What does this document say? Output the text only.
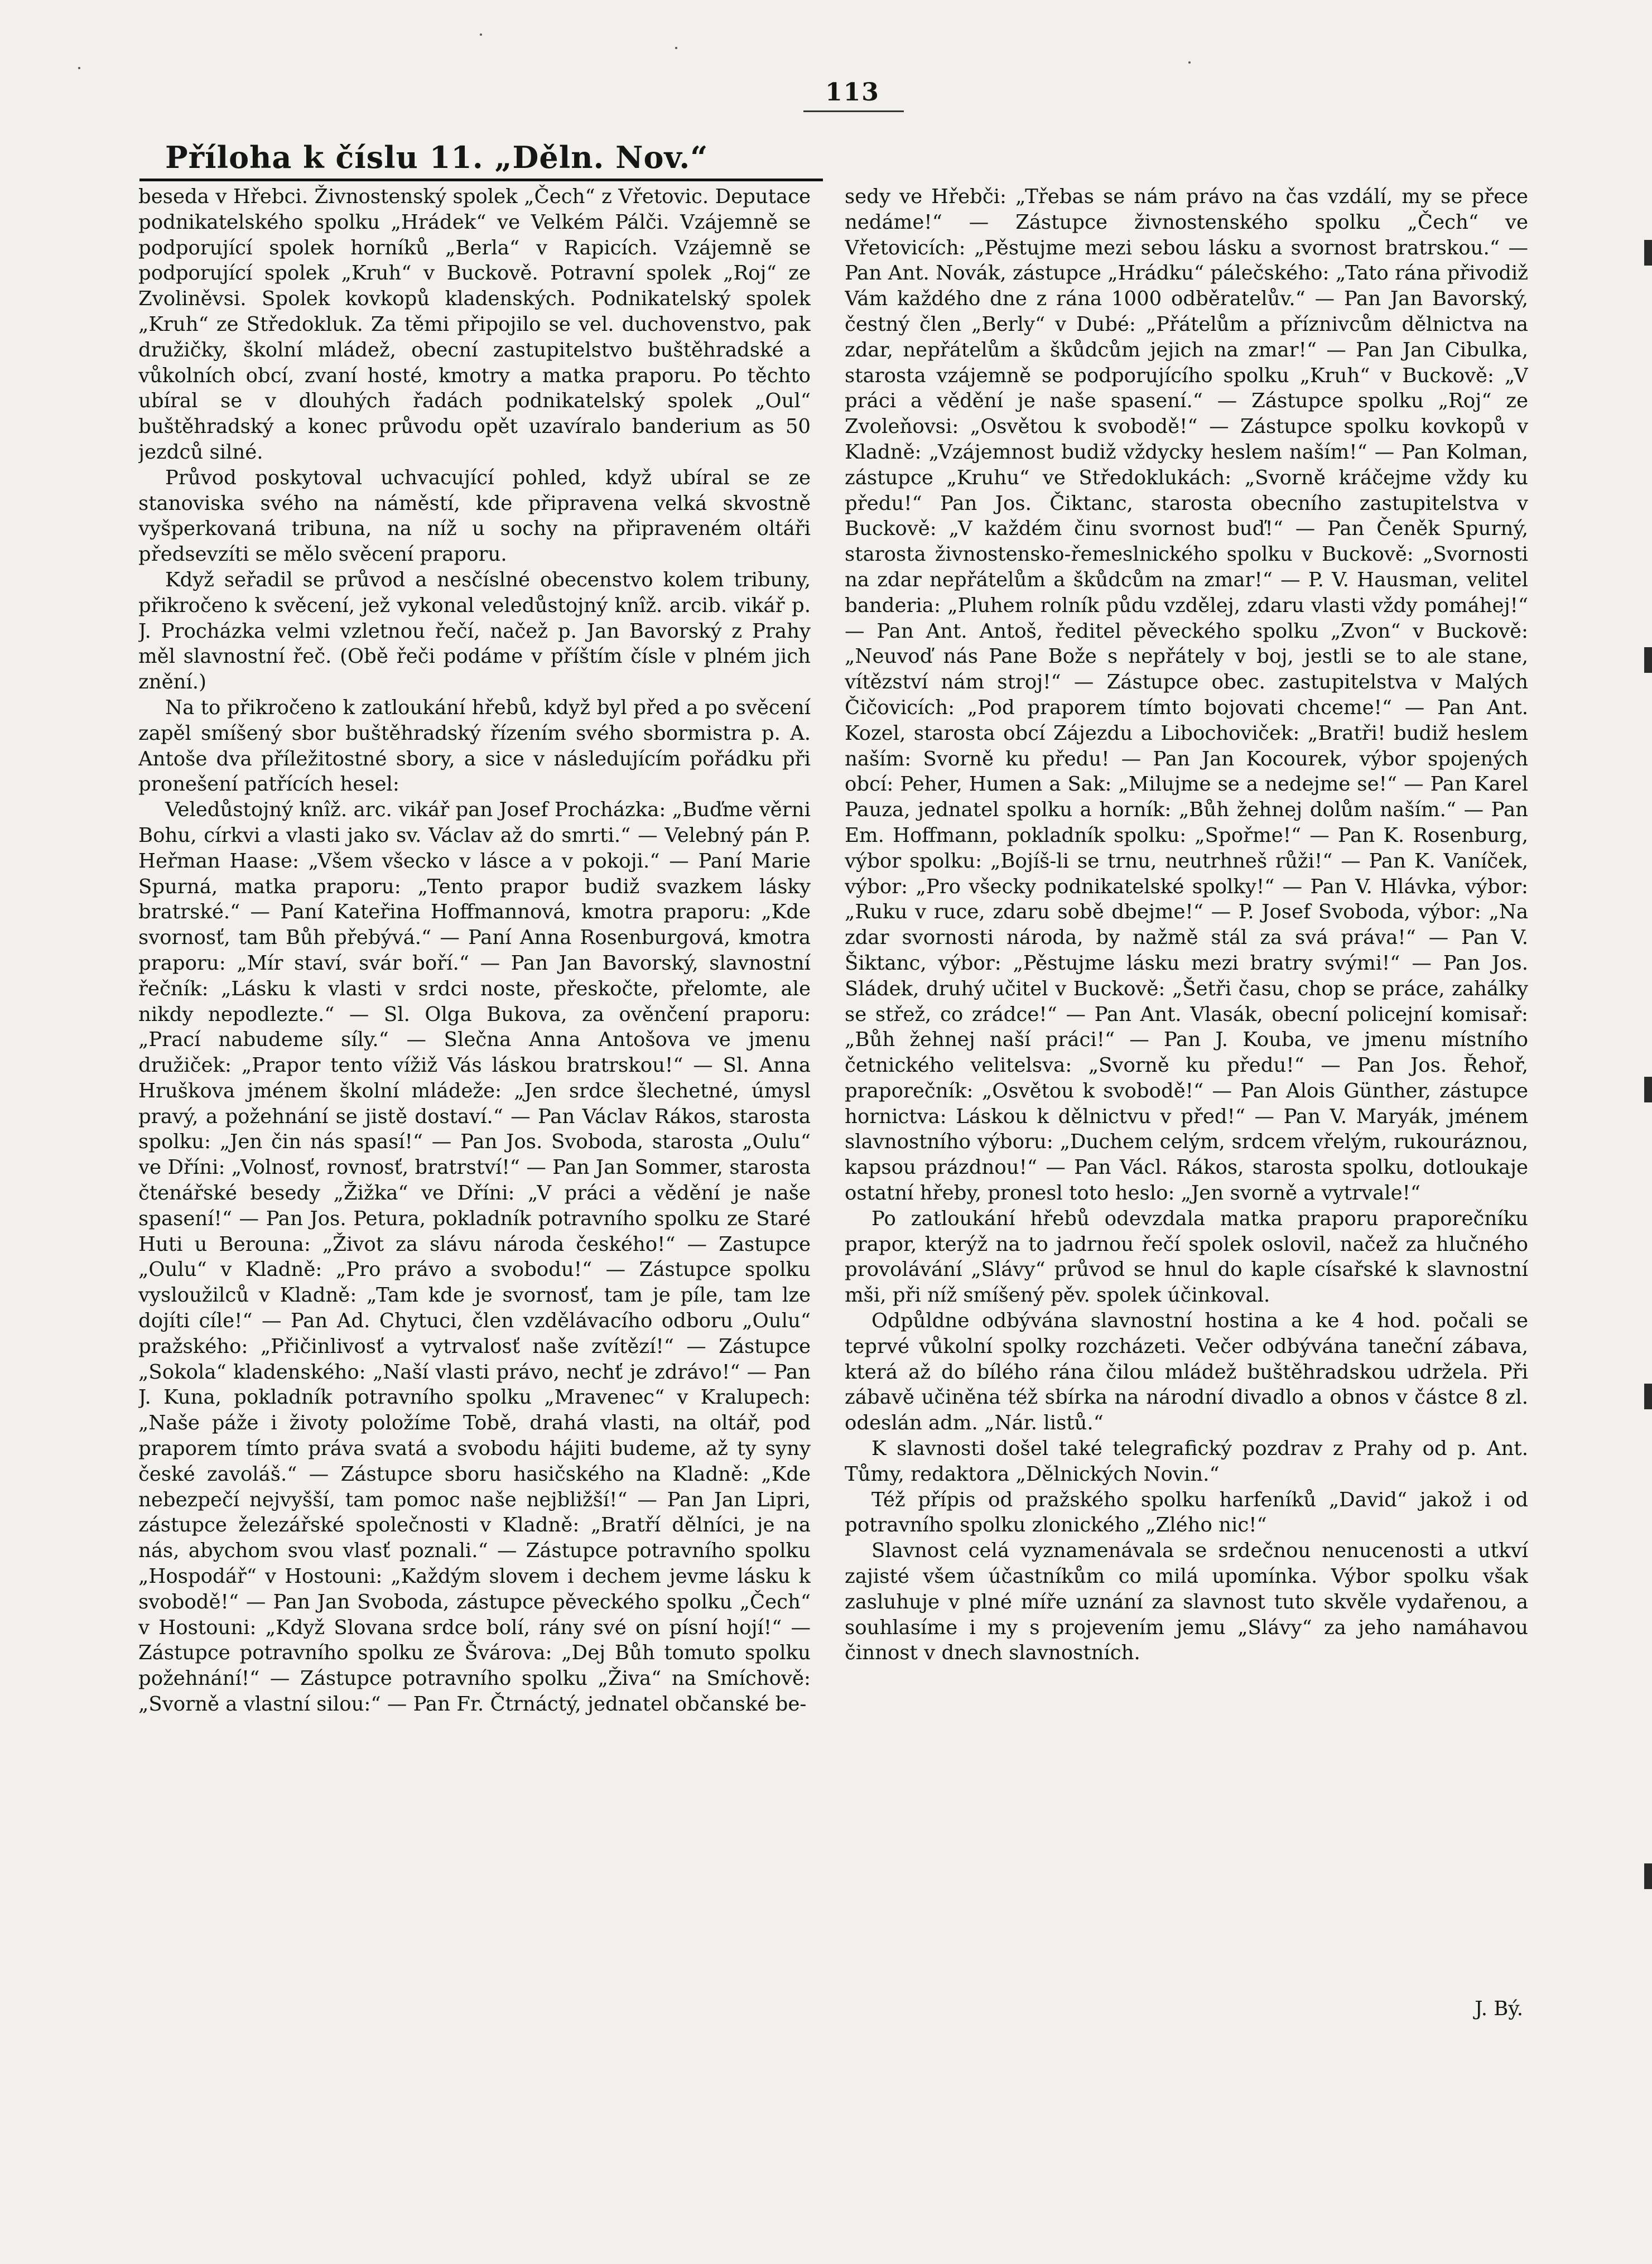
113
Příloha k číslu 11. „Děln. Nov.“

beseda v Hřebci. Živnostenský spolek „Čech“ z Vřetovic. Deputace podnikatelského spolku „Hrádek“ ve Velkém Pálči. Vzájemně se podporující spolek horníků „Berla“ v Rapicích. Vzájemně se podporující spolek „Kruh“ v Buckově. Potravní spolek „Roj“ ze Zvoliněvsi. Spolek kovkopů kladenských. Podnikatelský spolek „Kruh“ ze Středokluk. Za těmi připojilo se vel. duchovenstvo, pak družičky, školní mládež, obecní zastupitelstvo buštěhradské a vůkolních obcí, zvaní hosté, kmotry a matka praporu. Po těchto ubíral se v dlouhých řadách podnikatelský spolek „Oul“ buštěhradský a konec průvodu opět uzavíralo banderium as 50 jezdců silné.

Průvod poskytoval uchvacující pohled, když ubíral se ze stanoviska svého na náměstí, kde připravena velká skvostně vyšperkovaná tribuna, na níž u sochy na připraveném oltáři předsevzíti se mělo svěcení praporu.

Když seřadil se průvod a nesčíslné obecenstvo kolem tribuny, přikročeno k svěcení, jež vykonal veledůstojný knîž. arcib. vikář p. J. Procházka velmi vzletnou řečí, načež p. Jan Bavorský z Prahy měl slavnostní řeč. (Obě řeči podáme v příštím čísle v plném jich znění.)

Na to přikročeno k zatloukání hřebů, když byl před a po svěcení zapěl smíšený sbor buštěhradský řízením svého sbormistra p. A. Antoše dva příležitostné sbory, a sice v následujícím pořádku při pronešení patřících hesel:

Veledůstojný knîž. arc. vikář pan Josef Procházka: „Buďme věrni Bohu, církvi a vlasti jako sv. Václav až do smrti.“ — Velebný pán P. Heřman Haase: „Všem všecko v lásce a v pokoji.“ — Paní Marie Spurná, matka praporu: „Tento prapor budiž svazkem lásky bratrské.“ — Paní Kateřina Hoffmannová, kmotra praporu: „Kde svornosť, tam Bůh přebývá.“ — Paní Anna Rosenburgová, kmotra praporu: „Mír staví, svár boří.“ — Pan Jan Bavorský, slavnostní řečník: „Lásku k vlasti v srdci noste, přeskočte, přelomte, ale nikdy nepodlezte.“ — Sl. Olga Bukova, za ověnčení praporu: „Prací nabudeme síly.“ — Slečna Anna Antošova ve jmenu družiček: „Prapor tento vížiž Vás láskou bratrskou!“ — Sl. Anna Hruškova jménem školní mládeže: „Jen srdce šlechetné, úmysl pravý, a požehnání se jistě dostaví.“ — Pan Václav Rákos, starosta spolku: „Jen čin nás spasí!“ — Pan Jos. Svoboda, starosta „Oulu“ ve Dříni: „Volnosť, rovnosť, bratrství!“ — Pan Jan Sommer, starosta čtenářské besedy „Žižka“ ve Dříni: „V práci a vědění je naše spasení!“ — Pan Jos. Petura, pokladník potravního spolku ze Staré Huti u Berouna: „Život za slávu národa českého!“ — Zastupce „Oulu“ v Kladně: „Pro právo a svobodu!“ — Zástupce spolku vysloužilců v Kladně: „Tam kde je svornosť, tam je píle, tam lze dojíti cíle!“ — Pan Ad. Chytuci, člen vzdělávacího odboru „Oulu“ pražského: „Přičinlivosť a vytrvalosť naše zvítězí!“ — Zástupce „Sokola“ kladenského: „Naší vlasti právo, nechť je zdrávo!“ — Pan J. Kuna, pokladník potravního spolku „Mravenec“ v Kralupech: „Naše páže i životy položíme Tobě, drahá vlasti, na oltář, pod praporem tímto práva svatá a svobodu hájiti budeme, až ty syny české zavoláš.“ — Zástupce sboru hasičského na Kladně: „Kde nebezpečí nejvyšší, tam pomoc naše nejbližší!“ — Pan Jan Lipri, zástupce železářské společnosti v Kladně: „Bratří dělníci, je na nás, abychom svou vlasť poznali.“ — Zástupce potravního spolku „Hospodář“ v Hostouni: „Každým slovem i dechem jevme lásku k svobodě!“ — Pan Jan Svoboda, zástupce pěveckého spolku „Čech“ v Hostouni: „Když Slovana srdce bolí, rány své on písní hojí!“ — Zástupce potravního spolku ze Švárova: „Dej Bůh tomuto spolku požehnání!“ — Zástupce potravního spolku „Živa“ na Smíchově: „Svorně a vlastní silou:“ — Pan Fr. Čtrnáctý, jednatel občanské be-

sedy ve Hřebči: „Třebas se nám právo na čas vzdálí, my se přece nedáme!“ — Zástupce živnostenského spolku „Čech“ ve Vřetovicích: „Pěstujme mezi sebou lásku a svornost bratrskou.“ — Pan Ant. Novák, zástupce „Hrádku“ pálečského: „Tato rána přivodiž Vám každého dne z rána 1000 odběratelův.“ — Pan Jan Bavorský, čestný člen „Berly“ v Dubé: „Přátelům a příznivcům dělnictva na zdar, nepřátelům a škůdcům jejich na zmar!“ — Pan Jan Cibulka, starosta vzájemně se podporujícího spolku „Kruh“ v Buckově: „V práci a vědění je naše spasení.“ — Zástupce spolku „Roj“ ze Zvoleňovsi: „Osvětou k svobodě!“ — Zástupce spolku kovkopů v Kladně: „Vzájemnost budiž vždycky heslem naším!“ — Pan Kolman, zástupce „Kruhu“ ve Středoklukách: „Svorně kráčejme vždy ku předu!“ Pan Jos. Čiktanc, starosta obecního zastupitelstva v Buckově: „V každém činu svornost buď!“ — Pan Čeněk Spurný, starosta živnostensko-řemeslnického spolku v Buckově: „Svornosti na zdar nepřátelům a škůdcům na zmar!“ — P. V. Hausman, velitel banderia: „Pluhem rolník půdu vzdělej, zdaru vlasti vždy pomáhej!“ — Pan Ant. Antoš, ředitel pěveckého spolku „Zvon“ v Buckově: „Neuvoď nás Pane Bože s nepřátely v boj, jestli se to ale stane, vítězství nám stroj!“ — Zástupce obec. zastupitelstva v Malých Čičovicích: „Pod praporem tímto bojovati chceme!“ — Pan Ant. Kozel, starosta obcí Zájezdu a Libochoviček: „Bratři! budiž heslem naším: Svorně ku předu! — Pan Jan Kocourek, výbor spojených obcí: Peher, Humen a Sak: „Milujme se a nedejme se!“ — Pan Karel Pauza, jednatel spolku a horník: „Bůh žehnej dolům naším.“ — Pan Em. Hoffmann, pokladník spolku: „Spořme!“ — Pan K. Rosenburg, výbor spolku: „Bojíš-li se trnu, neutrhneš růži!“ — Pan K. Vaníček, výbor: „Pro všecky podnikatelské spolky!“ — Pan V. Hlávka, výbor: „Ruku v ruce, zdaru sobě dbejme!“ — P. Josef Svoboda, výbor: „Na zdar svornosti národa, by nažmě stál za svá práva!“ — Pan V. Šiktanc, výbor: „Pěstujme lásku mezi bratry svými!“ — Pan Jos. Sládek, druhý učitel v Buckově: „Šetři času, chop se práce, zahálky se střež, co zrádce!“ — Pan Ant. Vlasák, obecní policejní komisař: „Bůh žehnej naší práci!“ — Pan J. Kouba, ve jmenu místního četnického velitelsva: „Svorně ku předu!“ — Pan Jos. Řehoř, praporečník: „Osvětou k svobodě!“ — Pan Alois Günther, zástupce hornictva: Láskou k dělnictvu v před!“ — Pan V. Maryák, jménem slavnostního výboru: „Duchem celým, srdcem vřelým, rukouráznou, kapsou prázdnou!“ — Pan Václ. Rákos, starosta spolku, dotloukaje ostatní hřeby, pronesl toto heslo: „Jen svorně a vytrvale!“

Po zatloukání hřebů odevzdala matka praporu praporečníku prapor, kterýž na to jadrnou řečí spolek oslovil, načež za hlučného provolávání „Slávy“ průvod se hnul do kaple císařské k slavnostní mši, při níž smíšený pěv. spolek účinkoval.

Odpůldne odbývána slavnostní hostina a ke 4 hod. počali se teprvé vůkolní spolky rozcházeti. Večer odbývána taneční zábava, která až do bílého rána čilou mládež buštěhradskou udržela. Při zábavě učiněna též sbírka na národní divadlo a obnos v částce 8 zl. odeslán adm. „Nár. listů.“

K slavnosti došel také telegrafický pozdrav z Prahy od p. Ant. Tůmy, redaktora „Dělnických Novin.“

Též přípis od pražského spolku harfeníků „David“ jakož i od potravního spolku zlonického „Zlého nic!“

Slavnost celá vyznamenávala se srdečnou nenucenosti a utkví zajisté všem účastníkům co milá upomínka. Výbor spolku však zasluhuje v plné míře uznání za slavnost tuto skvěle vydařenou, a souhlasíme i my s projevením jemu „Slávy“ za jeho namáhavou činnost v dnech slavnostních.

J. Bý.
